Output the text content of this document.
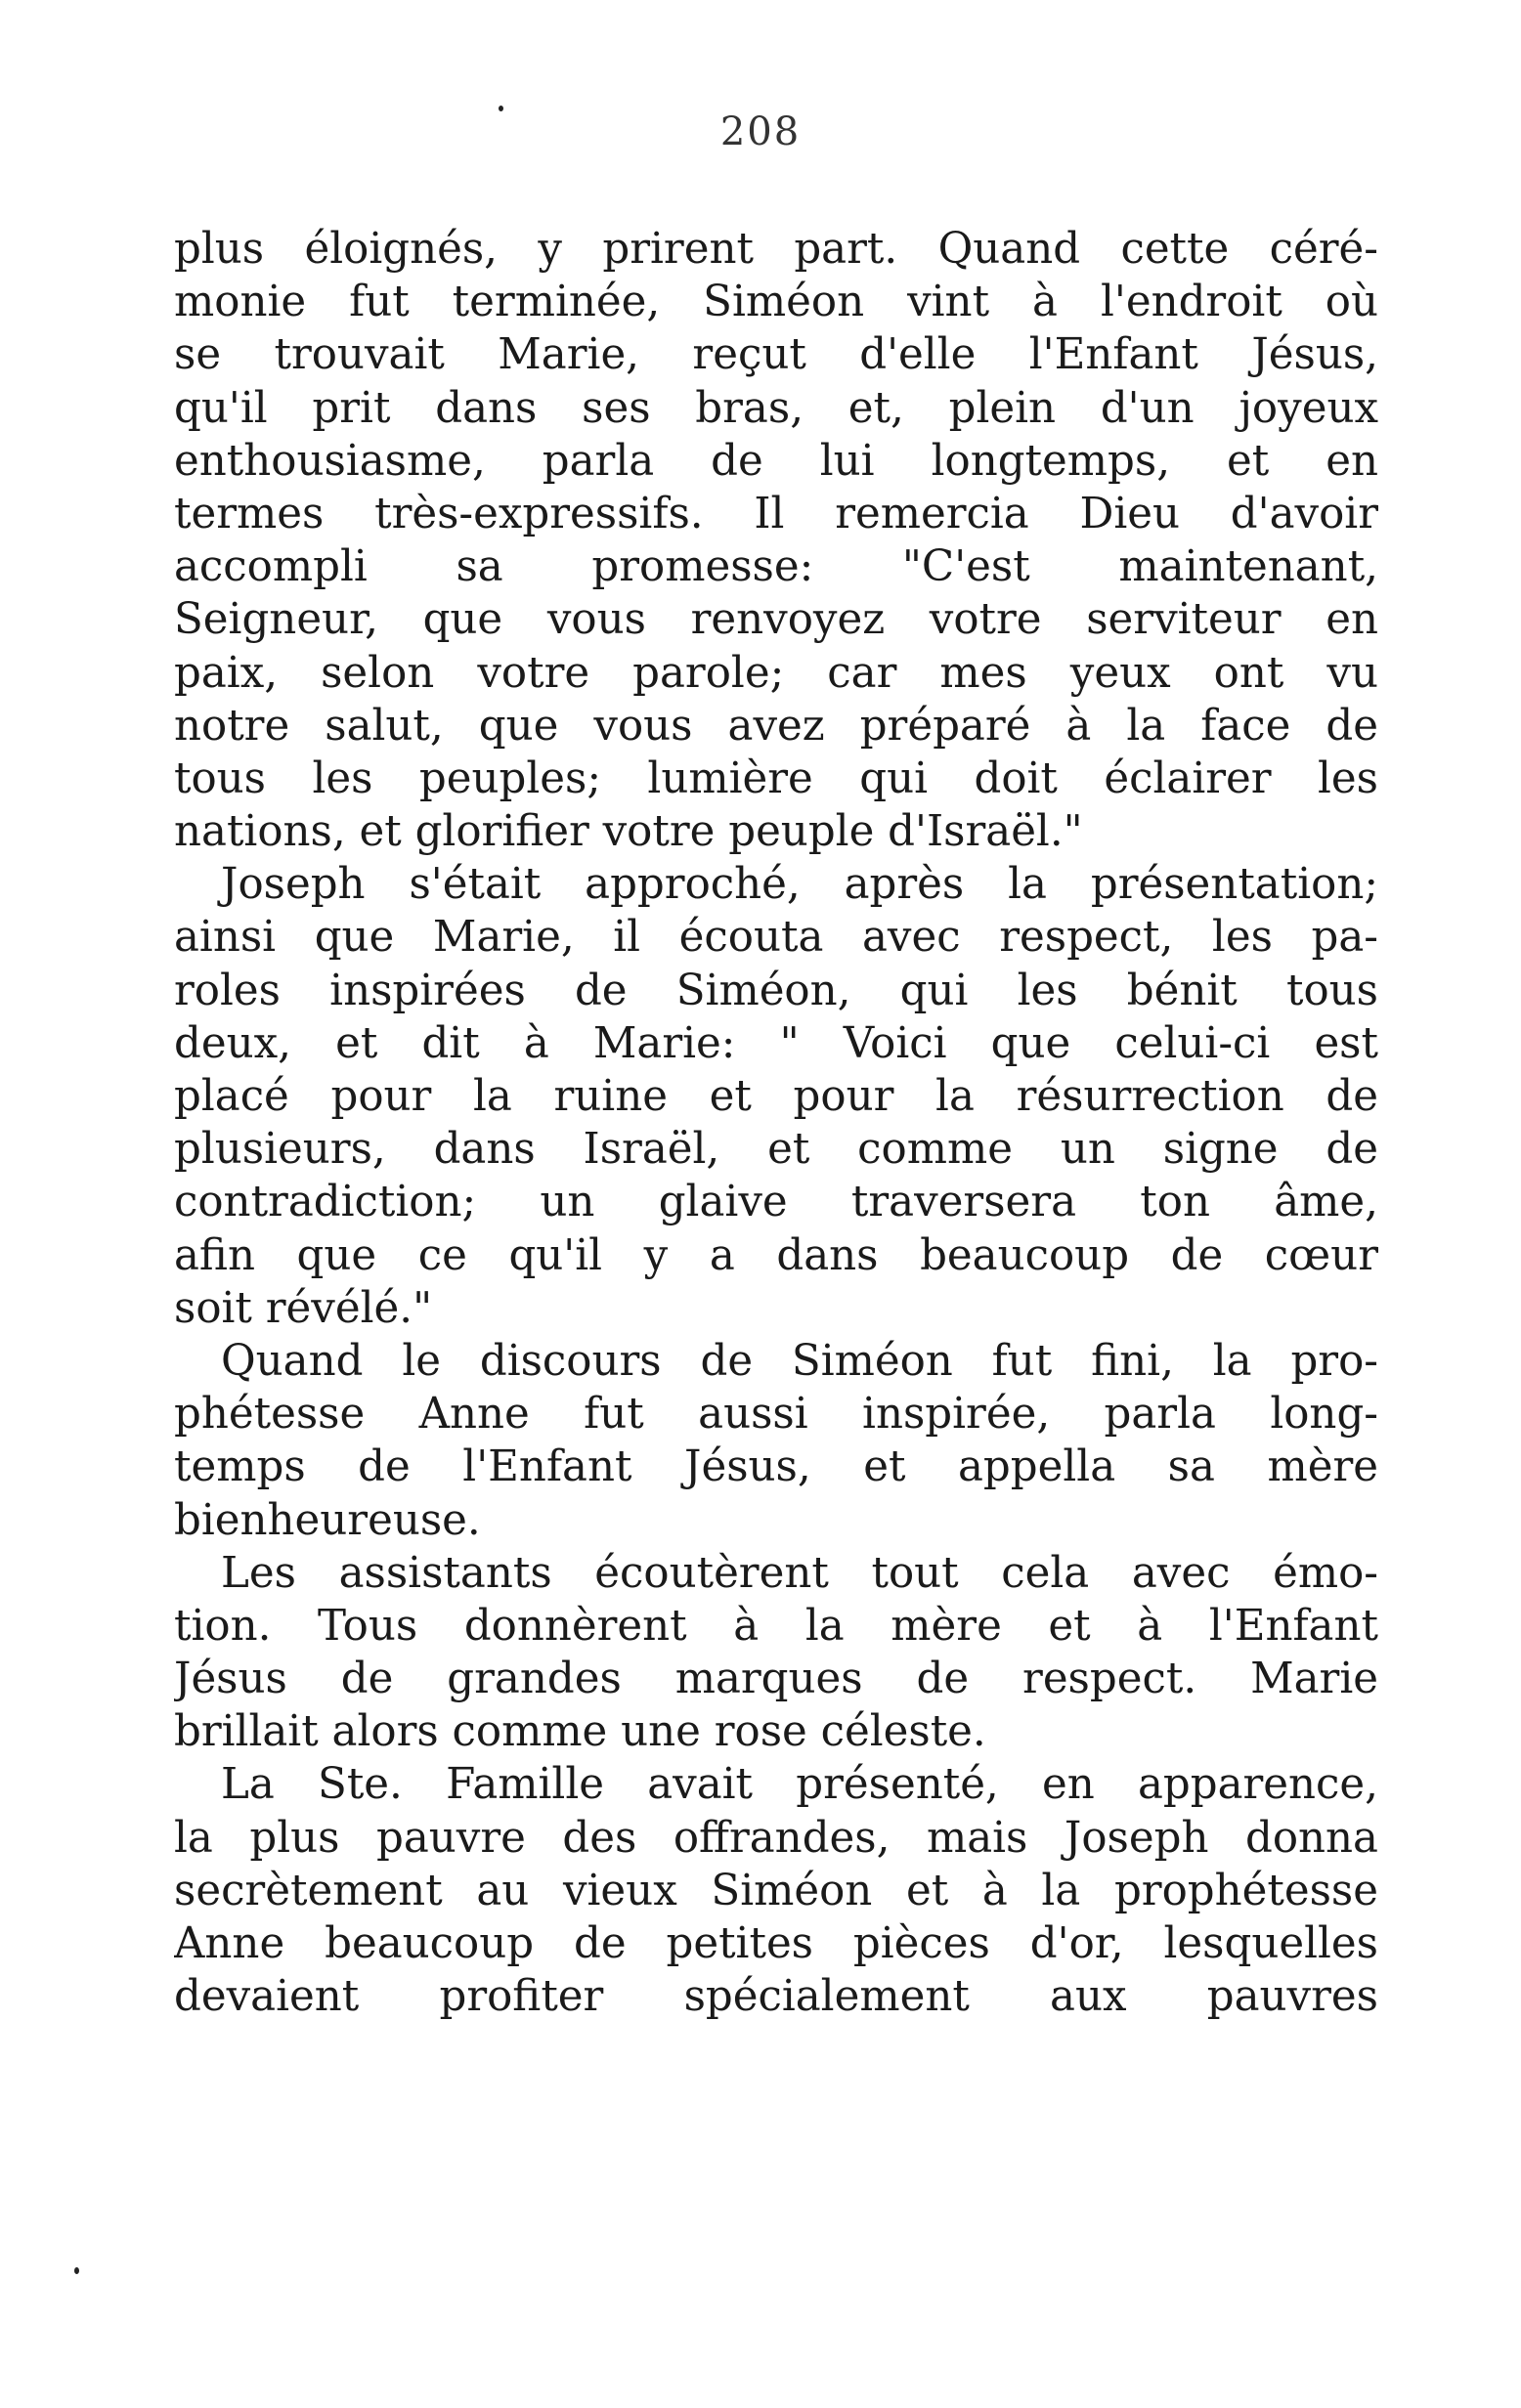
208
plus éloignés, y prirent part. Quand cette céré-
monie fut terminée, Siméon vint à l'endroit où
se trouvait Marie, reçut d'elle l'Enfant Jésus,
qu'il prit dans ses bras, et, plein d'un joyeux
enthousiasme, parla de lui longtemps, et en
termes très-expressifs. Il remercia Dieu d'avoir
accompli sa promesse: "C'est maintenant,
Seigneur, que vous renvoyez votre serviteur en
paix, selon votre parole; car mes yeux ont vu
notre salut, que vous avez préparé à la face de
tous les peuples; lumière qui doit éclairer les
nations, et glorifier votre peuple d'Israël."
Joseph s'était approché, après la présentation;
ainsi que Marie, il écouta avec respect, les pa-
roles inspirées de Siméon, qui les bénit tous
deux, et dit à Marie: " Voici que celui-ci est
placé pour la ruine et pour la résurrection de
plusieurs, dans Israël, et comme un signe de
contradiction; un glaive traversera ton âme,
afin que ce qu'il y a dans beaucoup de cœur
soit révélé."
Quand le discours de Siméon fut fini, la pro-
phétesse Anne fut aussi inspirée, parla long-
temps de l'Enfant Jésus, et appella sa mère
bienheureuse.
Les assistants écoutèrent tout cela avec émo-
tion. Tous donnèrent à la mère et à l'Enfant
Jésus de grandes marques de respect. Marie
brillait alors comme une rose céleste.
La Ste. Famille avait présenté, en apparence,
la plus pauvre des offrandes, mais Joseph donna
secrètement au vieux Siméon et à la prophétesse
Anne beaucoup de petites pièces d'or, lesquelles
devaient profiter spécialement aux pauvres
